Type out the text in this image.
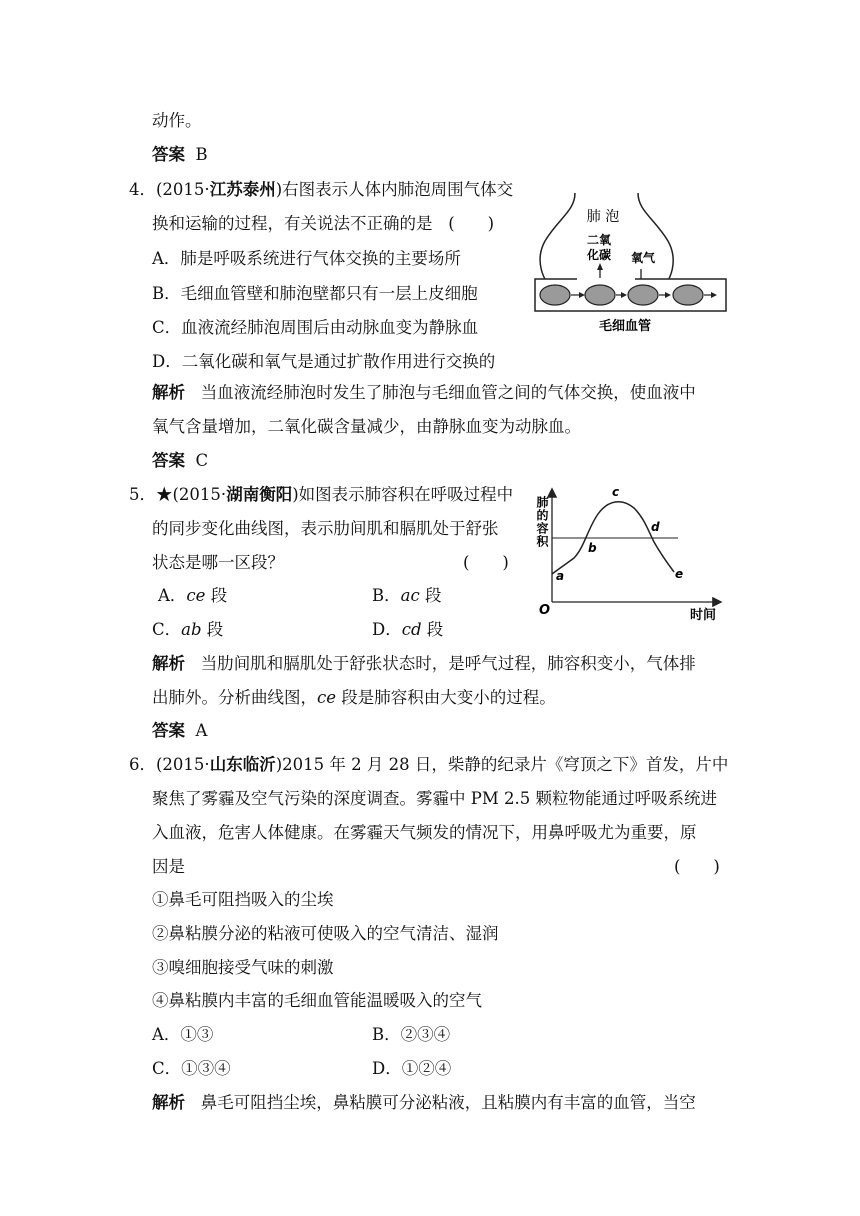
动作。
答案 B
4．(2015·江苏泰州)右图表示人体内肺泡周围气体交
换和运输的过程，有关说法不正确的是 (　　)
A．肺是呼吸系统进行气体交换的主要场所
B．毛细血管壁和肺泡壁都只有一层上皮细胞
C．血液流经肺泡周围后由动脉血变为静脉血
D．二氧化碳和氧气是通过扩散作用进行交换的
肺 泡
二氧
化碳 氧气
毛细血管
解析 当血液流经肺泡时发生了肺泡与毛细血管之间的气体交换，使血液中
氧气含量增加，二氧化碳含量减少，由静脉血变为动脉血。
答案 C
5．★(2015·湖南衡阳)如图表示肺容积在呼吸过程中
的同步变化曲线图，表示肋间肌和膈肌处于舒张
状态是哪一区段？	(　　)
A．ce 段	B．ac 段
C．ab 段	D．cd 段
肺的容积
时间
O
a
b
c
d
e
解析 当肋间肌和膈肌处于舒张状态时，是呼气过程，肺容积变小，气体排
出肺外。分析曲线图，ce 段是肺容积由大变小的过程。
答案 A
6．(2015·山东临沂)2015 年 2 月 28 日，柴静的纪录片《穹顶之下》首发，片中
聚焦了雾霾及空气污染的深度调查。雾霾中 PM 2.5 颗粒物能通过呼吸系统进
入血液，危害人体健康。在雾霾天气频发的情况下，用鼻呼吸尤为重要，原
因是	(　　)
①鼻毛可阻挡吸入的尘埃
②鼻粘膜分泌的粘液可使吸入的空气清洁、湿润
③嗅细胞接受气味的刺激
④鼻粘膜内丰富的毛细血管能温暖吸入的空气
A．①③	B．②③④
C．①③④	D．①②④
解析 鼻毛可阻挡尘埃，鼻粘膜可分泌粘液，且粘膜内有丰富的血管，当空
